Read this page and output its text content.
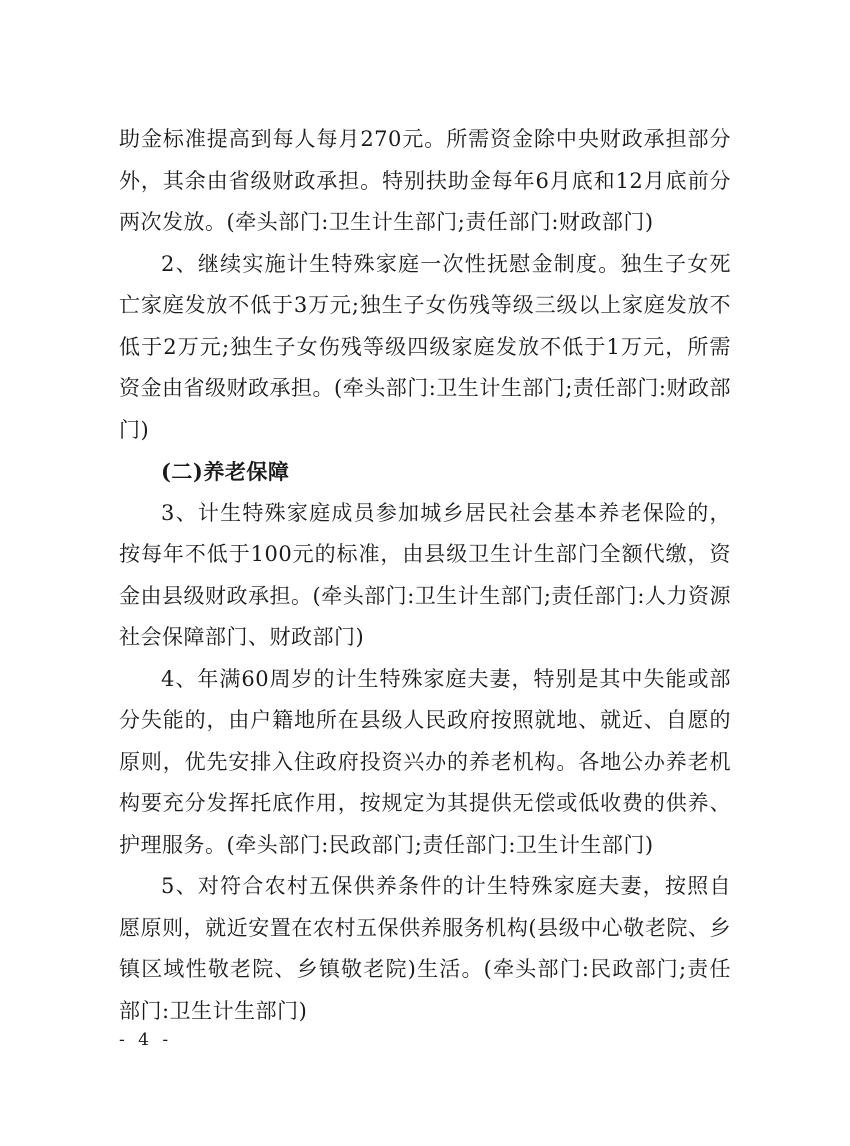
助金标准提高到每人每月270元。所需资金除中央财政承担部分外，其余由省级财政承担。特别扶助金每年6月底和12月底前分两次发放。(牵头部门:卫生计生部门;责任部门:财政部门)

2、继续实施计生特殊家庭一次性抚慰金制度。独生子女死亡家庭发放不低于3万元;独生子女伤残等级三级以上家庭发放不低于2万元;独生子女伤残等级四级家庭发放不低于1万元，所需资金由省级财政承担。(牵头部门:卫生计生部门;责任部门:财政部门)

(二)养老保障

3、计生特殊家庭成员参加城乡居民社会基本养老保险的，按每年不低于100元的标准，由县级卫生计生部门全额代缴，资金由县级财政承担。(牵头部门:卫生计生部门;责任部门:人力资源社会保障部门、财政部门)

4、年满60周岁的计生特殊家庭夫妻，特别是其中失能或部分失能的，由户籍地所在县级人民政府按照就地、就近、自愿的原则，优先安排入住政府投资兴办的养老机构。各地公办养老机构要充分发挥托底作用，按规定为其提供无偿或低收费的供养、护理服务。(牵头部门:民政部门;责任部门:卫生计生部门)

5、对符合农村五保供养条件的计生特殊家庭夫妻，按照自愿原则，就近安置在农村五保供养服务机构(县级中心敬老院、乡镇区域性敬老院、乡镇敬老院)生活。(牵头部门:民政部门;责任部门:卫生计生部门)

- 4 -
